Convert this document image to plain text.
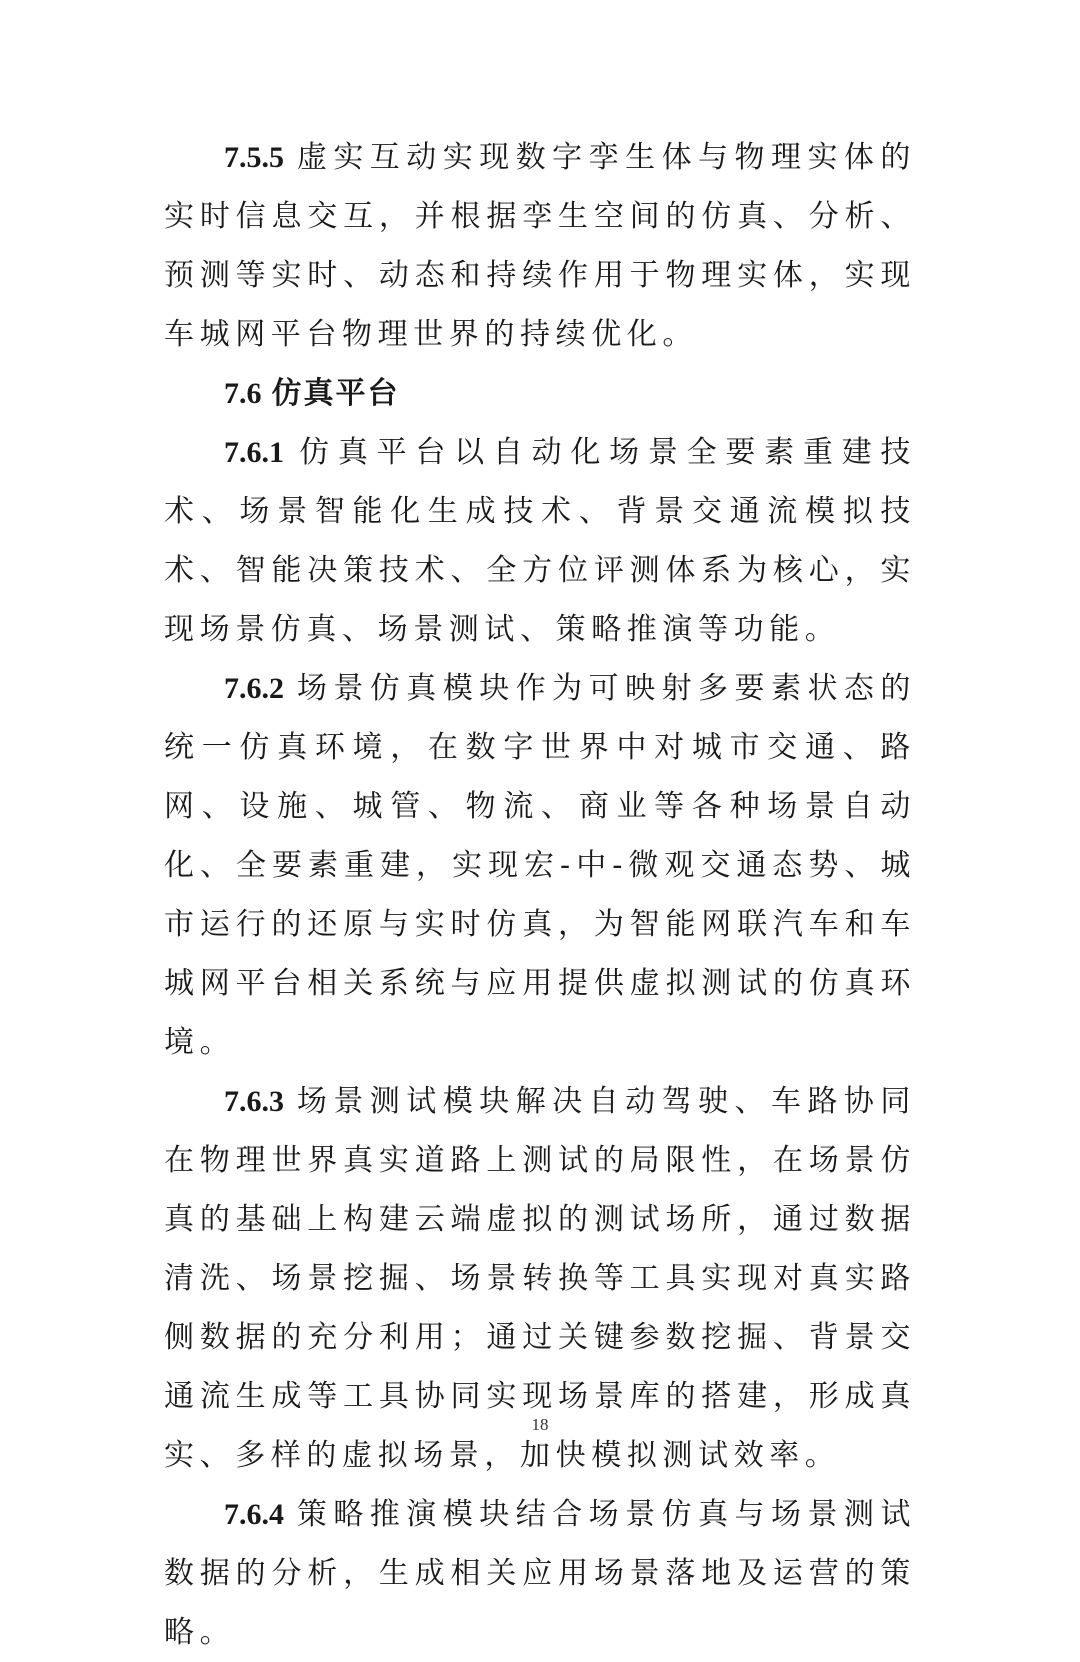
7.5.5 虚实互动实现数字孪生体与物理实体的实时信息交互，并根据孪生空间的仿真、分析、预测等实时、动态和持续作用于物理实体，实现车城网平台物理世界的持续优化。

7.6 仿真平台

7.6.1 仿真平台以自动化场景全要素重建技术、场景智能化生成技术、背景交通流模拟技术、智能决策技术、全方位评测体系为核心，实现场景仿真、场景测试、策略推演等功能。

7.6.2 场景仿真模块作为可映射多要素状态的统一仿真环境，在数字世界中对城市交通、路网、设施、城管、物流、商业等各种场景自动化、全要素重建，实现宏-中-微观交通态势、城市运行的还原与实时仿真，为智能网联汽车和车城网平台相关系统与应用提供虚拟测试的仿真环境。

7.6.3 场景测试模块解决自动驾驶、车路协同在物理世界真实道路上测试的局限性，在场景仿真的基础上构建云端虚拟的测试场所，通过数据清洗、场景挖掘、场景转换等工具实现对真实路侧数据的充分利用；通过关键参数挖掘、背景交通流生成等工具协同实现场景库的搭建，形成真实、多样的虚拟场景，加快模拟测试效率。

7.6.4 策略推演模块结合场景仿真与场景测试数据的分析，生成相关应用场景落地及运营的策略。

18
